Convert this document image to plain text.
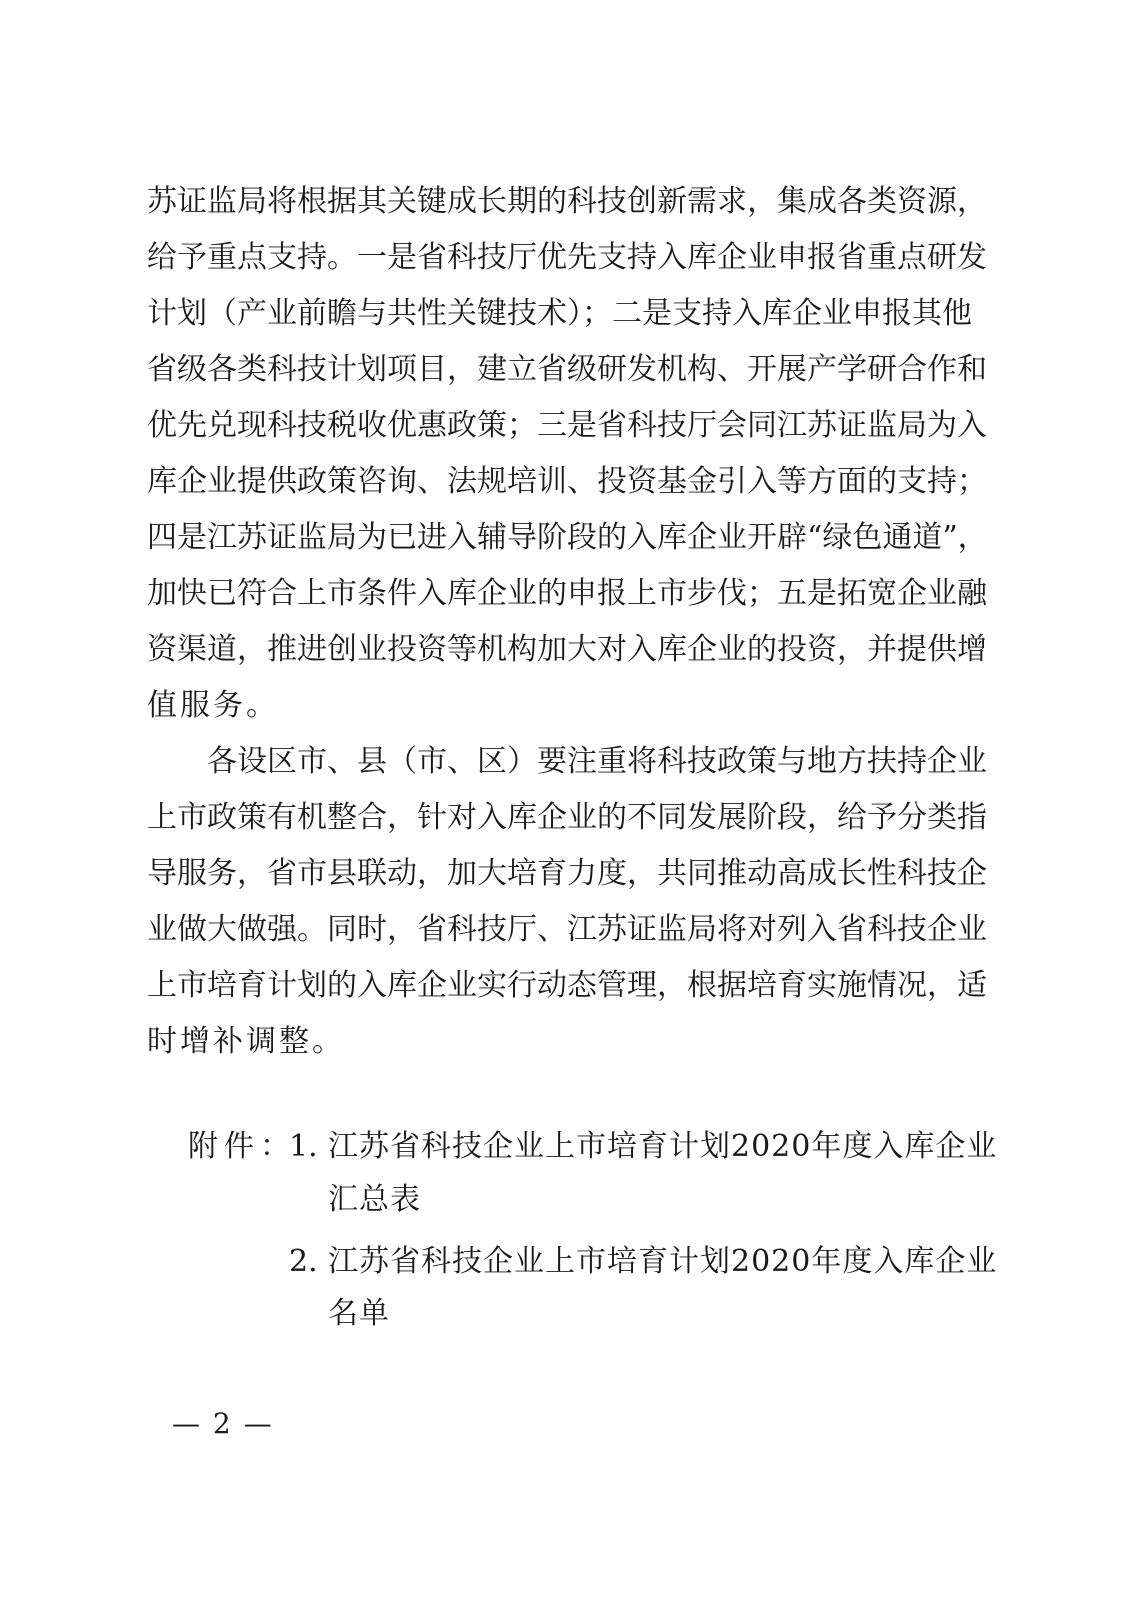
苏证监局将根据其关键成长期的科技创新需求，集成各类资源，
给予重点支持。一是省科技厅优先支持入库企业申报省重点研发
计划（产业前瞻与共性关键技术）；二是支持入库企业申报其他
省级各类科技计划项目，建立省级研发机构、开展产学研合作和
优先兑现科技税收优惠政策；三是省科技厅会同江苏证监局为入
库企业提供政策咨询、法规培训、投资基金引入等方面的支持；
四是江苏证监局为已进入辅导阶段的入库企业开辟“绿色通道”，
加快已符合上市条件入库企业的申报上市步伐；五是拓宽企业融
资渠道，推进创业投资等机构加大对入库企业的投资，并提供增
值服务。
各设区市、县（市、区）要注重将科技政策与地方扶持企业
上市政策有机整合，针对入库企业的不同发展阶段，给予分类指
导服务，省市县联动，加大培育力度，共同推动高成长性科技企
业做大做强。同时，省科技厅、江苏证监局将对列入省科技企业
上市培育计划的入库企业实行动态管理，根据培育实施情况，适
时增补调整。
附件：
1. 江苏省科技企业上市培育计划2020年度入库企业
汇总表
2. 江苏省科技企业上市培育计划2020年度入库企业
名单
— 2 —
